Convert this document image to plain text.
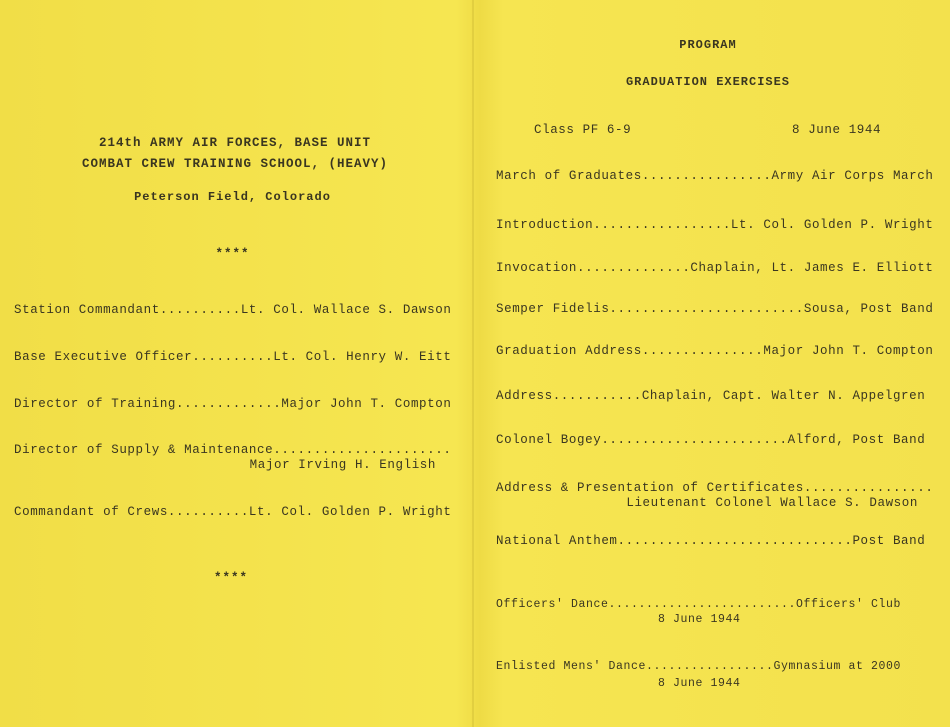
214th ARMY AIR FORCES, BASE UNIT
COMBAT CREW TRAINING SCHOOL, (HEAVY)
Peterson Field, Colorado
****
Station Commandant..........Lt. Col. Wallace S. Dawson
Base Executive Officer..........Lt. Col. Henry W. Eitt
Director of Training.............Major John T. Compton
Director of Supply & Maintenance......................
Major Irving H. English
Commandant of Crews..........Lt. Col. Golden P. Wright
****
PROGRAM
GRADUATION EXERCISES
Class PF 6-9	8 June 1944
March of Graduates................Army Air Corps March
Introduction.................Lt. Col. Golden P. Wright
Invocation..............Chaplain, Lt. James E. Elliott
Semper Fidelis........................Sousa, Post Band
Graduation Address...............Major John T. Compton
Address...........Chaplain, Capt. Walter N. Appelgren
Colonel Bogey.......................Alford, Post Band
Address & Presentation of Certificates................
Lieutenant Colonel Wallace S. Dawson
National Anthem.............................Post Band
Officers' Dance.........................Officers' Club
8 June 1944
Enlisted Mens' Dance.................Gymnasium at 2000
8 June 1944
